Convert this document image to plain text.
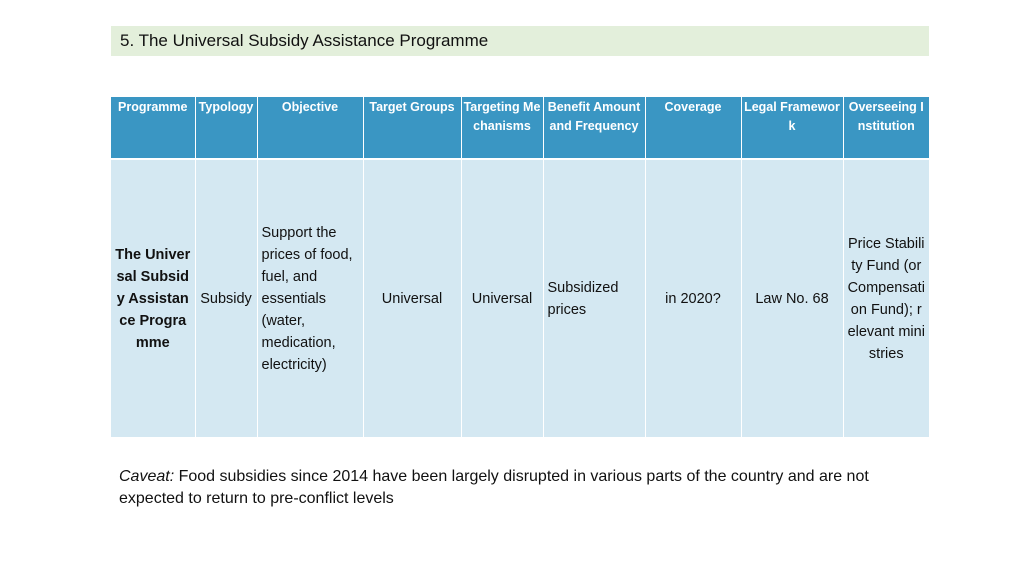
5. The Universal Subsidy Assistance Programme
Programme	Typology	Objective	Target Groups	Targeting Mechanisms	Benefit Amount and Frequency	Coverage	Legal Framework	Overseeing Institution
The Universal Subsidy Assistance Programme	Subsidy	Support the prices of food, fuel, and essentials (water, medication, electricity)	Universal	Universal	Subsidized prices	in 2020?	Law No. 68	Price Stability Fund (or Compensation Fund); relevant ministries
Caveat: Food subsidies since 2014 have been largely disrupted in various parts of the country and are not expected to return to pre-conflict levels
